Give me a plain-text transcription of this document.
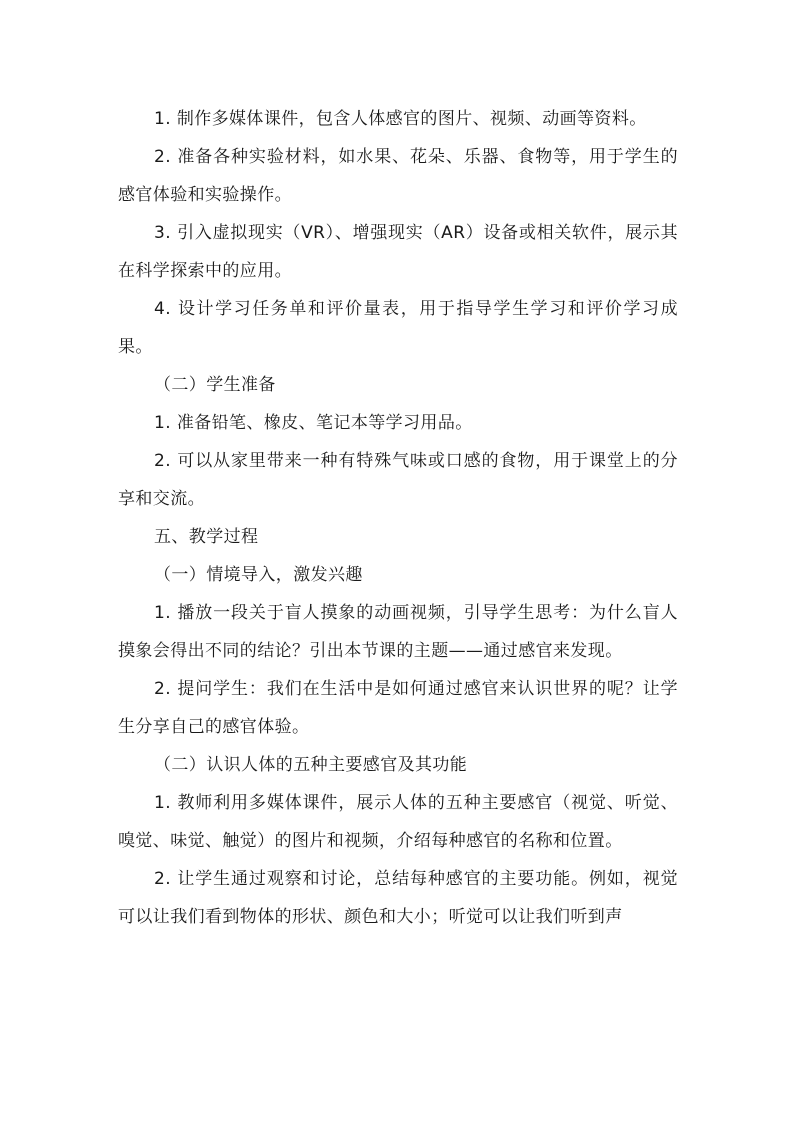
1. 制作多媒体课件，包含人体感官的图片、视频、动画等资料。

2. 准备各种实验材料，如水果、花朵、乐器、食物等，用于学生的感官体验和实验操作。

3. 引入虚拟现实（VR）、增强现实（AR）设备或相关软件，展示其在科学探索中的应用。

4. 设计学习任务单和评价量表，用于指导学生学习和评价学习成果。

（二）学生准备

1. 准备铅笔、橡皮、笔记本等学习用品。

2. 可以从家里带来一种有特殊气味或口感的食物，用于课堂上的分享和交流。

五、教学过程

（一）情境导入，激发兴趣

1. 播放一段关于盲人摸象的动画视频，引导学生思考：为什么盲人摸象会得出不同的结论？引出本节课的主题——通过感官来发现。

2. 提问学生：我们在生活中是如何通过感官来认识世界的呢？让学生分享自己的感官体验。

（二）认识人体的五种主要感官及其功能

1. 教师利用多媒体课件，展示人体的五种主要感官（视觉、听觉、嗅觉、味觉、触觉）的图片和视频，介绍每种感官的名称和位置。

2. 让学生通过观察和讨论，总结每种感官的主要功能。例如，视觉可以让我们看到物体的形状、颜色和大小；听觉可以让我们听到声
